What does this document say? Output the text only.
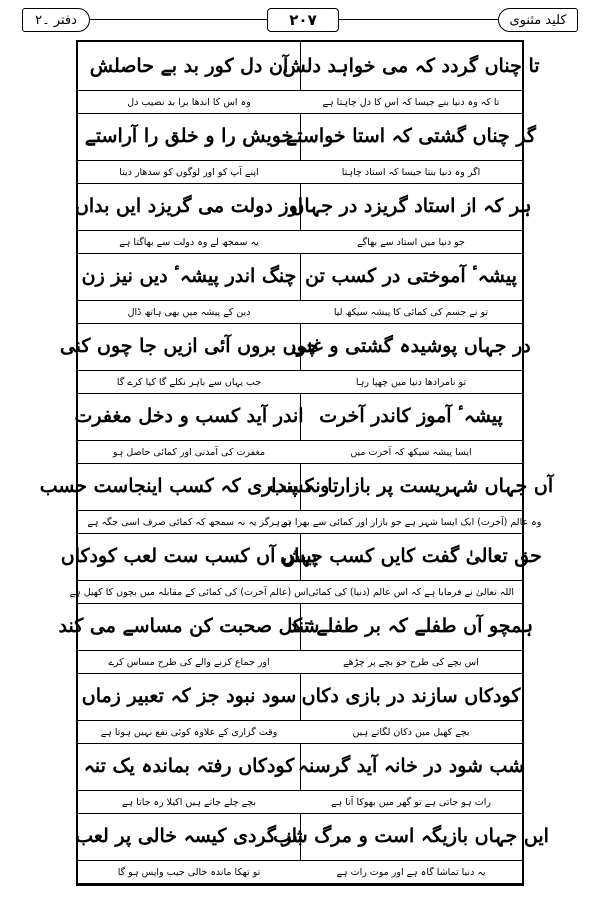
دفتر ۔۲	۲۰۷	کلید مثنوی
تا چناں گردد کہ می خواہد دلش
آن دل کور بد بے حاصلش
تا کہ وہ دنیا بنے جیسا کہ اس کا دل چاہتا ہے
وہ اس کا اندھا برا بد نصیب دل
گر چناں گشتی کہ استا خواستے
خویش را و خلق را آراستے
اگر وہ دنیا بنتا جیسا کہ استاد چاہتا
اپنے آپ کو اور لوگوں کو سدھار دیتا
ہر کہ از استاد گریزد در جہاں
اوز دولت می گریزد ایں بداں
جو دنیا میں استاد سے بھاگے
یہ سمجھ لے وہ دولت سے بھاگتا ہے
پیشہٴ آموختی در کسب تن
چنگ اندر پیشہٴ دیں نیز زن
تو نے جسم کی کمائی کا پیشہ سیکھ لیا
دین کے پیشہ میں بھی ہاتھ ڈال
در جہاں پوشیدہ گشتی و غنی
چوں بروں آئی ازیں جا چوں کنی
تو نامرادھا دنیا میں چھپا رہا
جب یہاں سے باہر نکلے گا کیا کرے گا
پیشہٴ آموز کاندر آخرت
اندر آید کسب و دخل مغفرت
ایسا پیشہ سیکھ کہ آخرت میں
مغفرت کی آمدنی اور کمائی حاصل ہو
آں جہاں شہریست پر بازار و کسب
تا نہ پنداری کہ کسب اینجاست حسب
وہ عالم (آخرت) ایک ایسا شہر ہے جو بازار اور کمائی سے بھرا ہے
تو ہرگز یہ نہ سمجھ کہ کمائی صرف اسی جگہ ہے
حق تعالیٰ گفت کایں کسب جہاں
پیش آں کسب ست لعب کودکاں
اللہ تعالیٰ نے فرمایا ہے کہ اس عالم (دنیا) کی کمائی
اس (عالم آخرت) کی کمائی کے مقابلہ میں بچوں کا کھیل ہے
ہمچو آں طفلے کہ بر طفلے تند
شکل صحبت کن مساسے می کند
اس بچے کی طرح جو بچے پر چڑھے
اور جماع کرنے والے کی طرح مساس کرے
کودکاں سازند در بازی دکاں
سود نبود جز کہ تعبیر زماں
بچے کھیل میں دکان لگاتے ہیں
وقت گزاری کے علاوہ کوئی نفع نہیں ہوتا ہے
شب شود در خانہ آید گرسنہ
کودکاں رفتہ بماندہ یک تنہ
رات ہو جاتی ہے تو گھر میں بھوکا آتا ہے
بچے چلے جاتے ہیں اکیلا رہ جاتا ہے
ایں جہاں بازیگہ است و مرگ شب
باز گردی کیسہ خالی پر لعب
یہ دنیا تماشا گاہ ہے اور موت رات ہے
تو تھکا ماندہ خالی جیب واپس ہو گا
